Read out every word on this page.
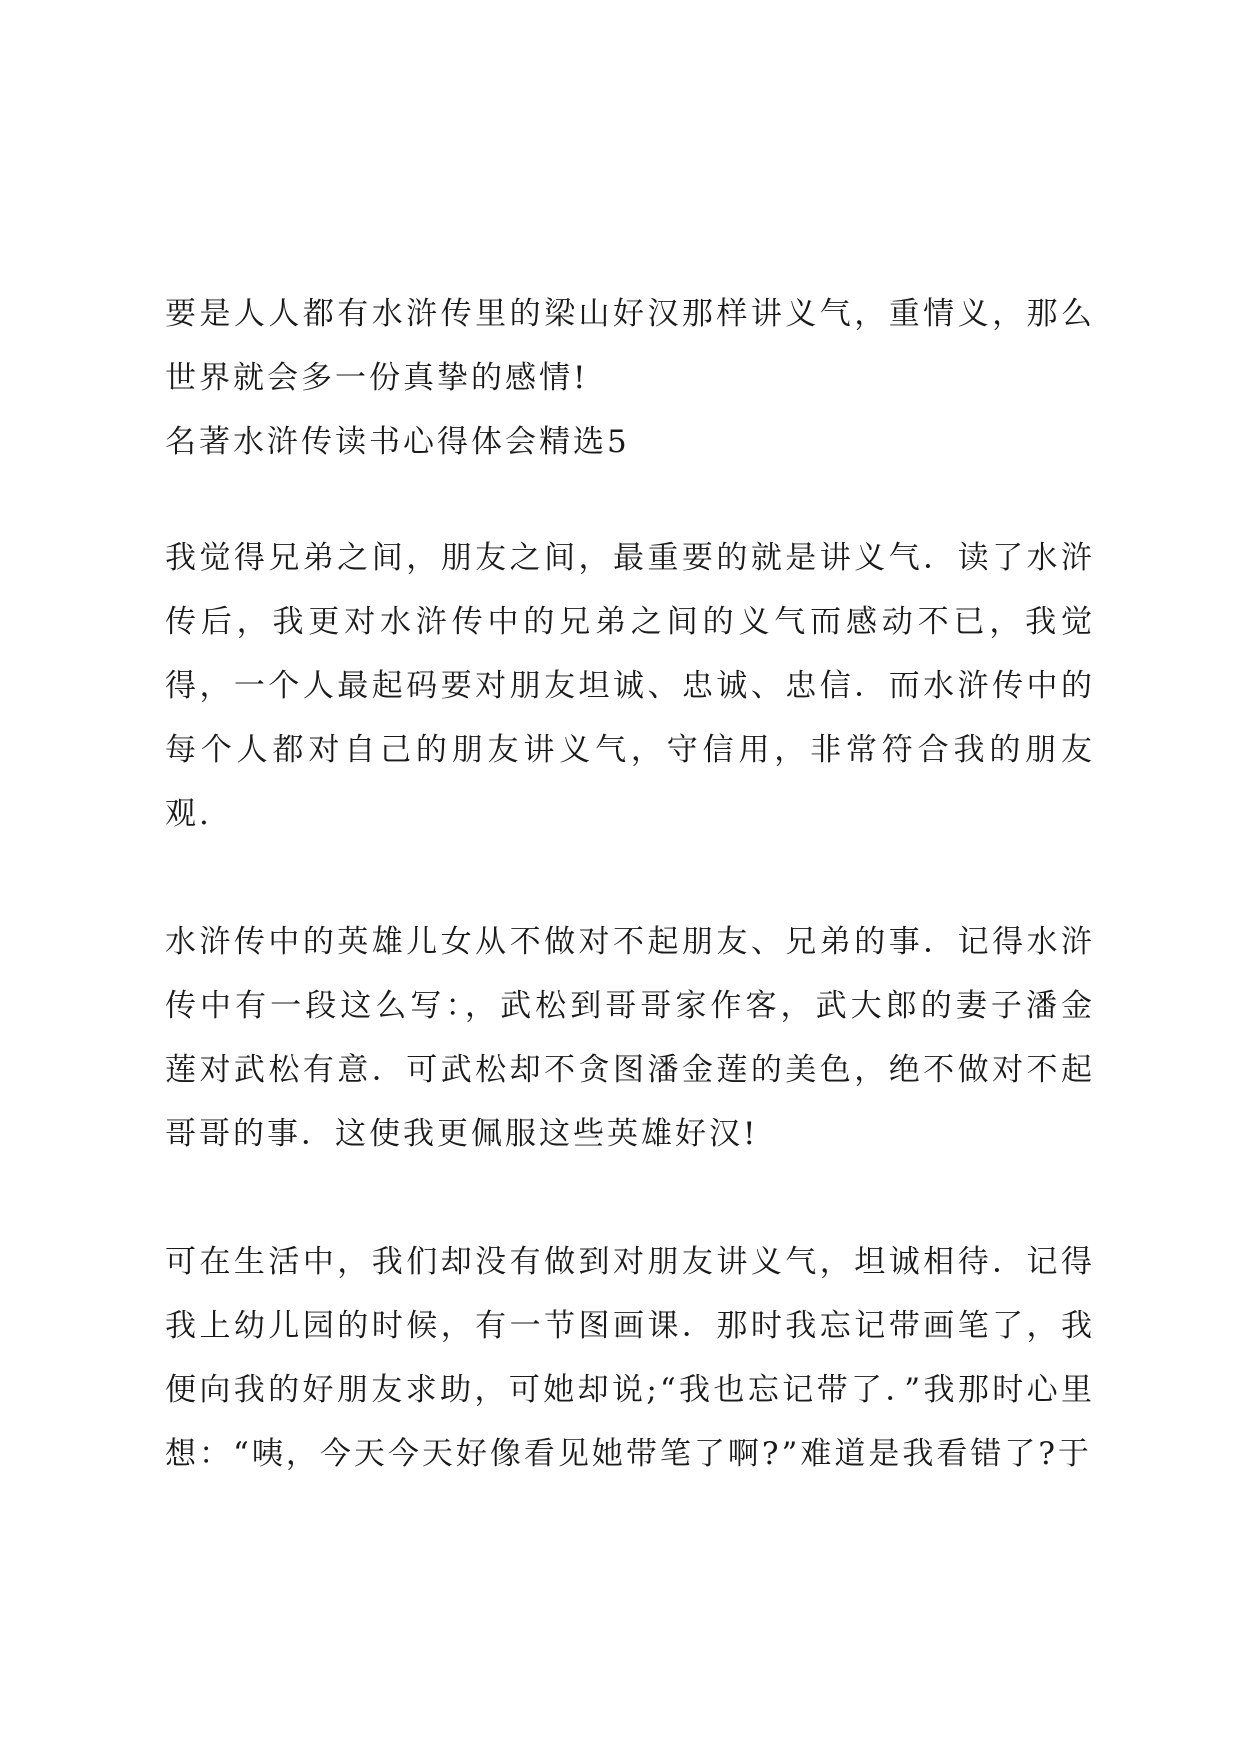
要是人人都有水浒传里的梁山好汉那样讲义气，重情义，那么世界就会多一份真挚的感情!

名著水浒传读书心得体会精选5

我觉得兄弟之间，朋友之间，最重要的就是讲义气．读了水浒传后，我更对水浒传中的兄弟之间的义气而感动不已，我觉得，一个人最起码要对朋友坦诚、忠诚、忠信．而水浒传中的每个人都对自己的朋友讲义气，守信用，非常符合我的朋友观.

水浒传中的英雄儿女从不做对不起朋友、兄弟的事．记得水浒传中有一段这么写：，武松到哥哥家作客，武大郎的妻子潘金莲对武松有意．可武松却不贪图潘金莲的美色，绝不做对不起哥哥的事．这使我更佩服这些英雄好汉!

可在生活中，我们却没有做到对朋友讲义气，坦诚相待．记得我上幼儿园的时候，有一节图画课．那时我忘记带画笔了，我便向我的好朋友求助，可她却说;“我也忘记带了．”我那时心里想：“咦，今天今天好像看见她带笔了啊?”难道是我看错了?于
